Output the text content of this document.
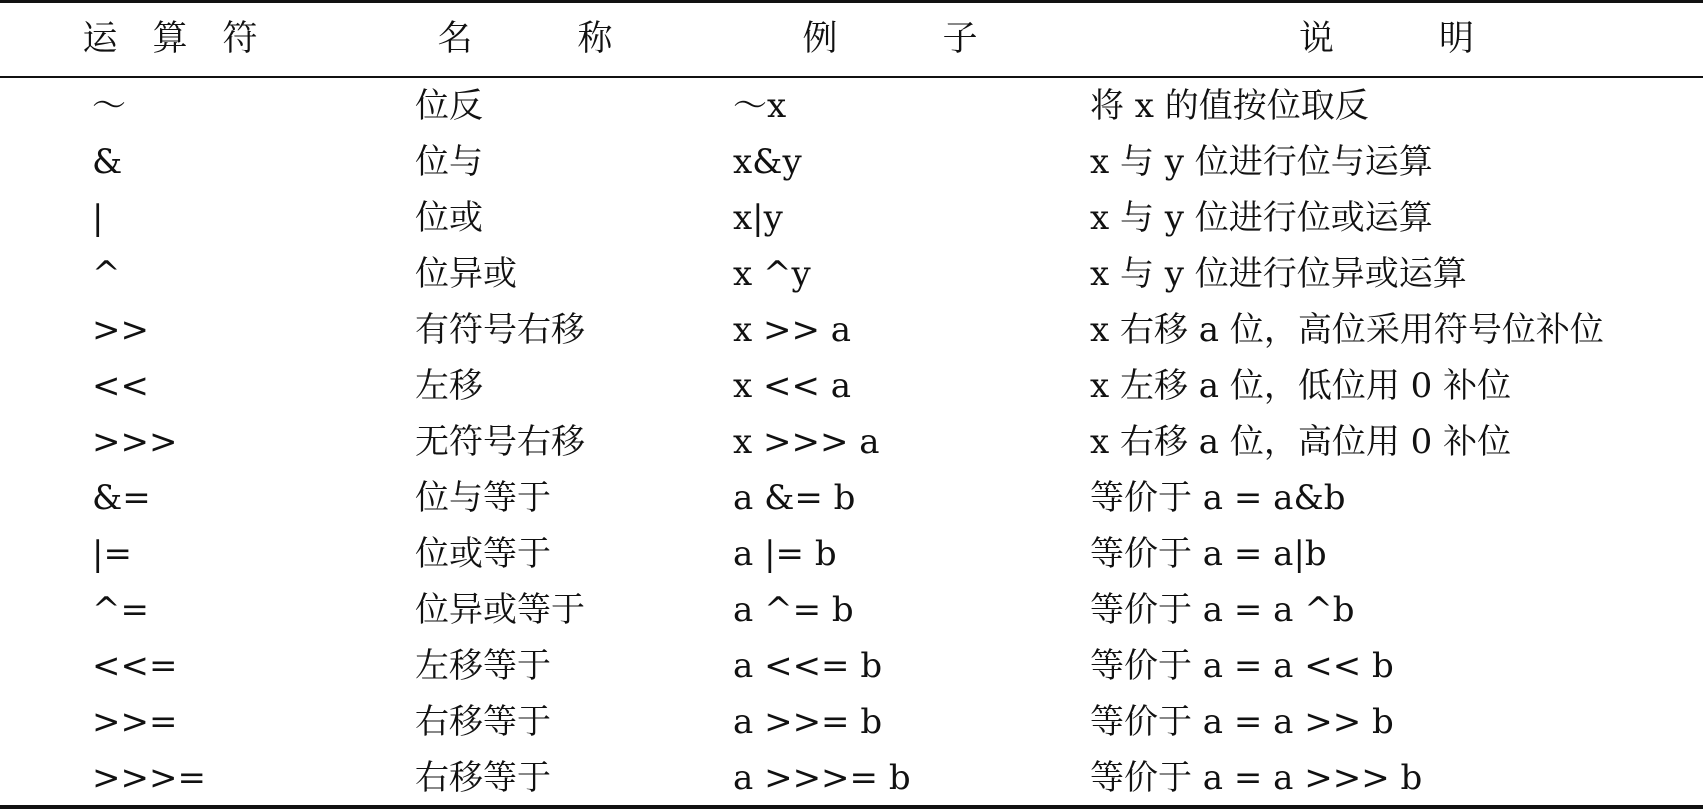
运　算　符	名　　　称	例　　　子	说　　　明
～	位反	～x	将 x 的值按位取反
&	位与	x&y	x 与 y 位进行位与运算
|	位或	x|y	x 与 y 位进行位或运算
^	位异或	x ^y	x 与 y 位进行位异或运算
>>	有符号右移	x >> a	x 右移 a 位，高位采用符号位补位
<<	左移	x << a	x 左移 a 位，低位用 0 补位
>>>	无符号右移	x >>> a	x 右移 a 位，高位用 0 补位
&=	位与等于	a &= b	等价于 a = a&b
|=	位或等于	a |= b	等价于 a = a|b
^=	位异或等于	a ^= b	等价于 a = a ^b
<<=	左移等于	a <<= b	等价于 a = a << b
>>=	右移等于	a >>= b	等价于 a = a >> b
>>>=	右移等于	a >>>= b	等价于 a = a >>> b
